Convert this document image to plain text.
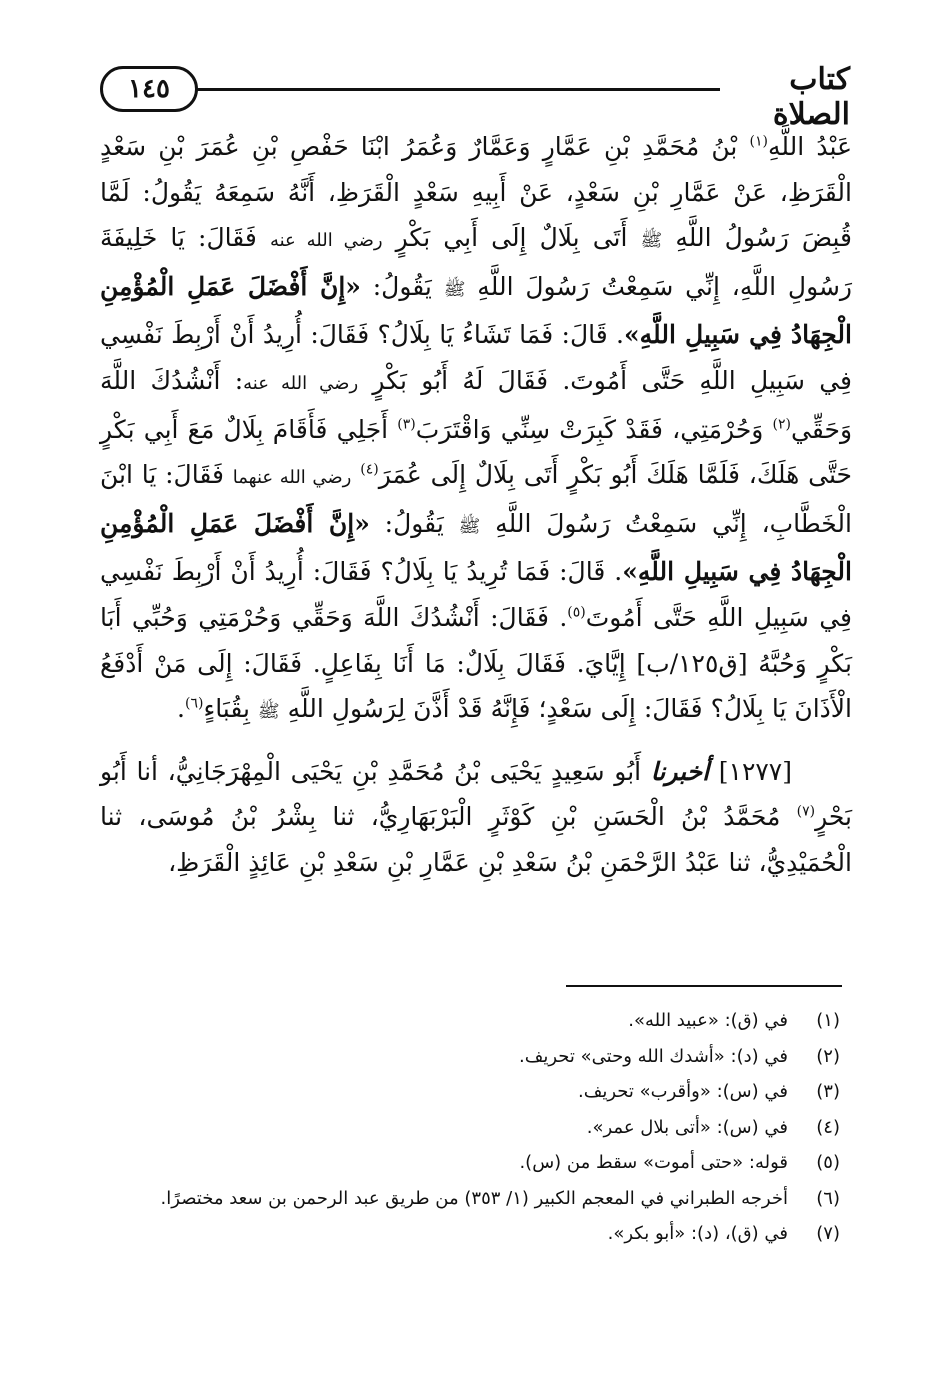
١٤٥	كتاب الصلاة

عَبْدُ اللَّهِ$^{(١)}$ بْنُ مُحَمَّدِ بْنِ عَمَّارٍ وَعَمَّارٌ وَعُمَرُ ابْنَا حَفْصِ بْنِ عُمَرَ بْنِ سَعْدٍ الْقَرَظِ، عَنْ عَمَّارِ بْنِ سَعْدٍ، عَنْ أَبِيهِ سَعْدٍ الْقَرَظِ، أَنَّهُ سَمِعَهُ يَقُولُ: لَمَّا قُبِضَ رَسُولُ اللَّهِ ﷺ أَتَى بِلَالٌ إِلَى أَبِي بَكْرٍ رضي الله عنه فَقَالَ: يَا خَلِيفَةَ رَسُولِ اللَّهِ، إِنِّي سَمِعْتُ رَسُولَ اللَّهِ ﷺ يَقُولُ: «إِنَّ أَفْضَلَ عَمَلِ الْمُؤْمِنِ الْجِهَادُ فِي سَبِيلِ اللَّهِ». قَالَ: فَمَا تَشَاءُ يَا بِلَالُ؟ فَقَالَ: أُرِيدُ أَنْ أَرْبِطَ نَفْسِي فِي سَبِيلِ اللَّهِ حَتَّى أَمُوتَ. فَقَالَ لَهُ أَبُو بَكْرٍ رضي الله عنه: أَنْشُدُكَ اللَّهَ وَحَقِّي$^{(٢)}$ وَحُرْمَتِي، فَقَدْ كَبِرَتْ سِنِّي وَاقْتَرَبَ$^{(٣)}$ أَجَلِي فَأَقَامَ بِلَالٌ مَعَ أَبِي بَكْرٍ حَتَّى هَلَكَ، فَلَمَّا هَلَكَ أَبُو بَكْرٍ أَتَى بِلَالٌ إِلَى عُمَرَ$^{(٤)}$ رضي الله عنهما فَقَالَ: يَا ابْنَ الْخَطَّابِ، إِنِّي سَمِعْتُ رَسُولَ اللَّهِ ﷺ يَقُولُ: «إِنَّ أَفْضَلَ عَمَلِ الْمُؤْمِنِ الْجِهَادُ فِي سَبِيلِ اللَّهِ». قَالَ: فَمَا تُرِيدُ يَا بِلَالُ؟ فَقَالَ: أُرِيدُ أَنْ أَرْبِطَ نَفْسِي فِي سَبِيلِ اللَّهِ حَتَّى أَمُوتَ$^{(٥)}$. فَقَالَ: أَنْشُدُكَ اللَّهَ وَحَقِّي وَحُرْمَتِي وَحُبِّي أَبَا بَكْرٍ وَحُبَّهُ [ق١٢٥/ب] إِيَّايَ. فَقَالَ بِلَالٌ: مَا أَنَا بِفَاعِلٍ. فَقَالَ: إِلَى مَنْ أَدْفَعُ الْأَذَانَ يَا بِلَالُ؟ فَقَالَ: إِلَى سَعْدٍ؛ فَإِنَّهُ قَدْ أَذَّنَ لِرَسُولِ اللَّهِ ﷺ بِقُبَاءٍ$^{(٦)}$.

[١٢٧٧] أخبرنا أَبُو سَعِيدٍ يَحْيَى بْنُ مُحَمَّدِ بْنِ يَحْيَى الْمِهْرَجَانِيُّ، أنا أَبُو بَحْرٍ$^{(٧)}$ مُحَمَّدُ بْنُ الْحَسَنِ بْنِ كَوْثَرٍ الْبَرْبَهَارِيُّ، ثنا بِشْرُ بْنُ مُوسَى، ثنا الْحُمَيْدِيُّ، ثنا عَبْدُ الرَّحْمَنِ بْنُ سَعْدِ بْنِ عَمَّارِ بْنِ سَعْدِ بْنِ عَائِذٍ الْقَرَظِ،

(١)في (ق): «عبيد الله».
(٢)في (د): «أشدك الله وحتى» تحريف.
(٣)في (س): «وأقرب» تحريف.
(٤)في (س): «أتى بلال عمر».
(٥)قوله: «حتى أموت» سقط من (س).
(٦)أخرجه الطبراني في المعجم الكبير (١/ ٣٥٣) من طريق عبد الرحمن بن سعد مختصرًا.
(٧)في (ق)، (د): «أبو بكر».
